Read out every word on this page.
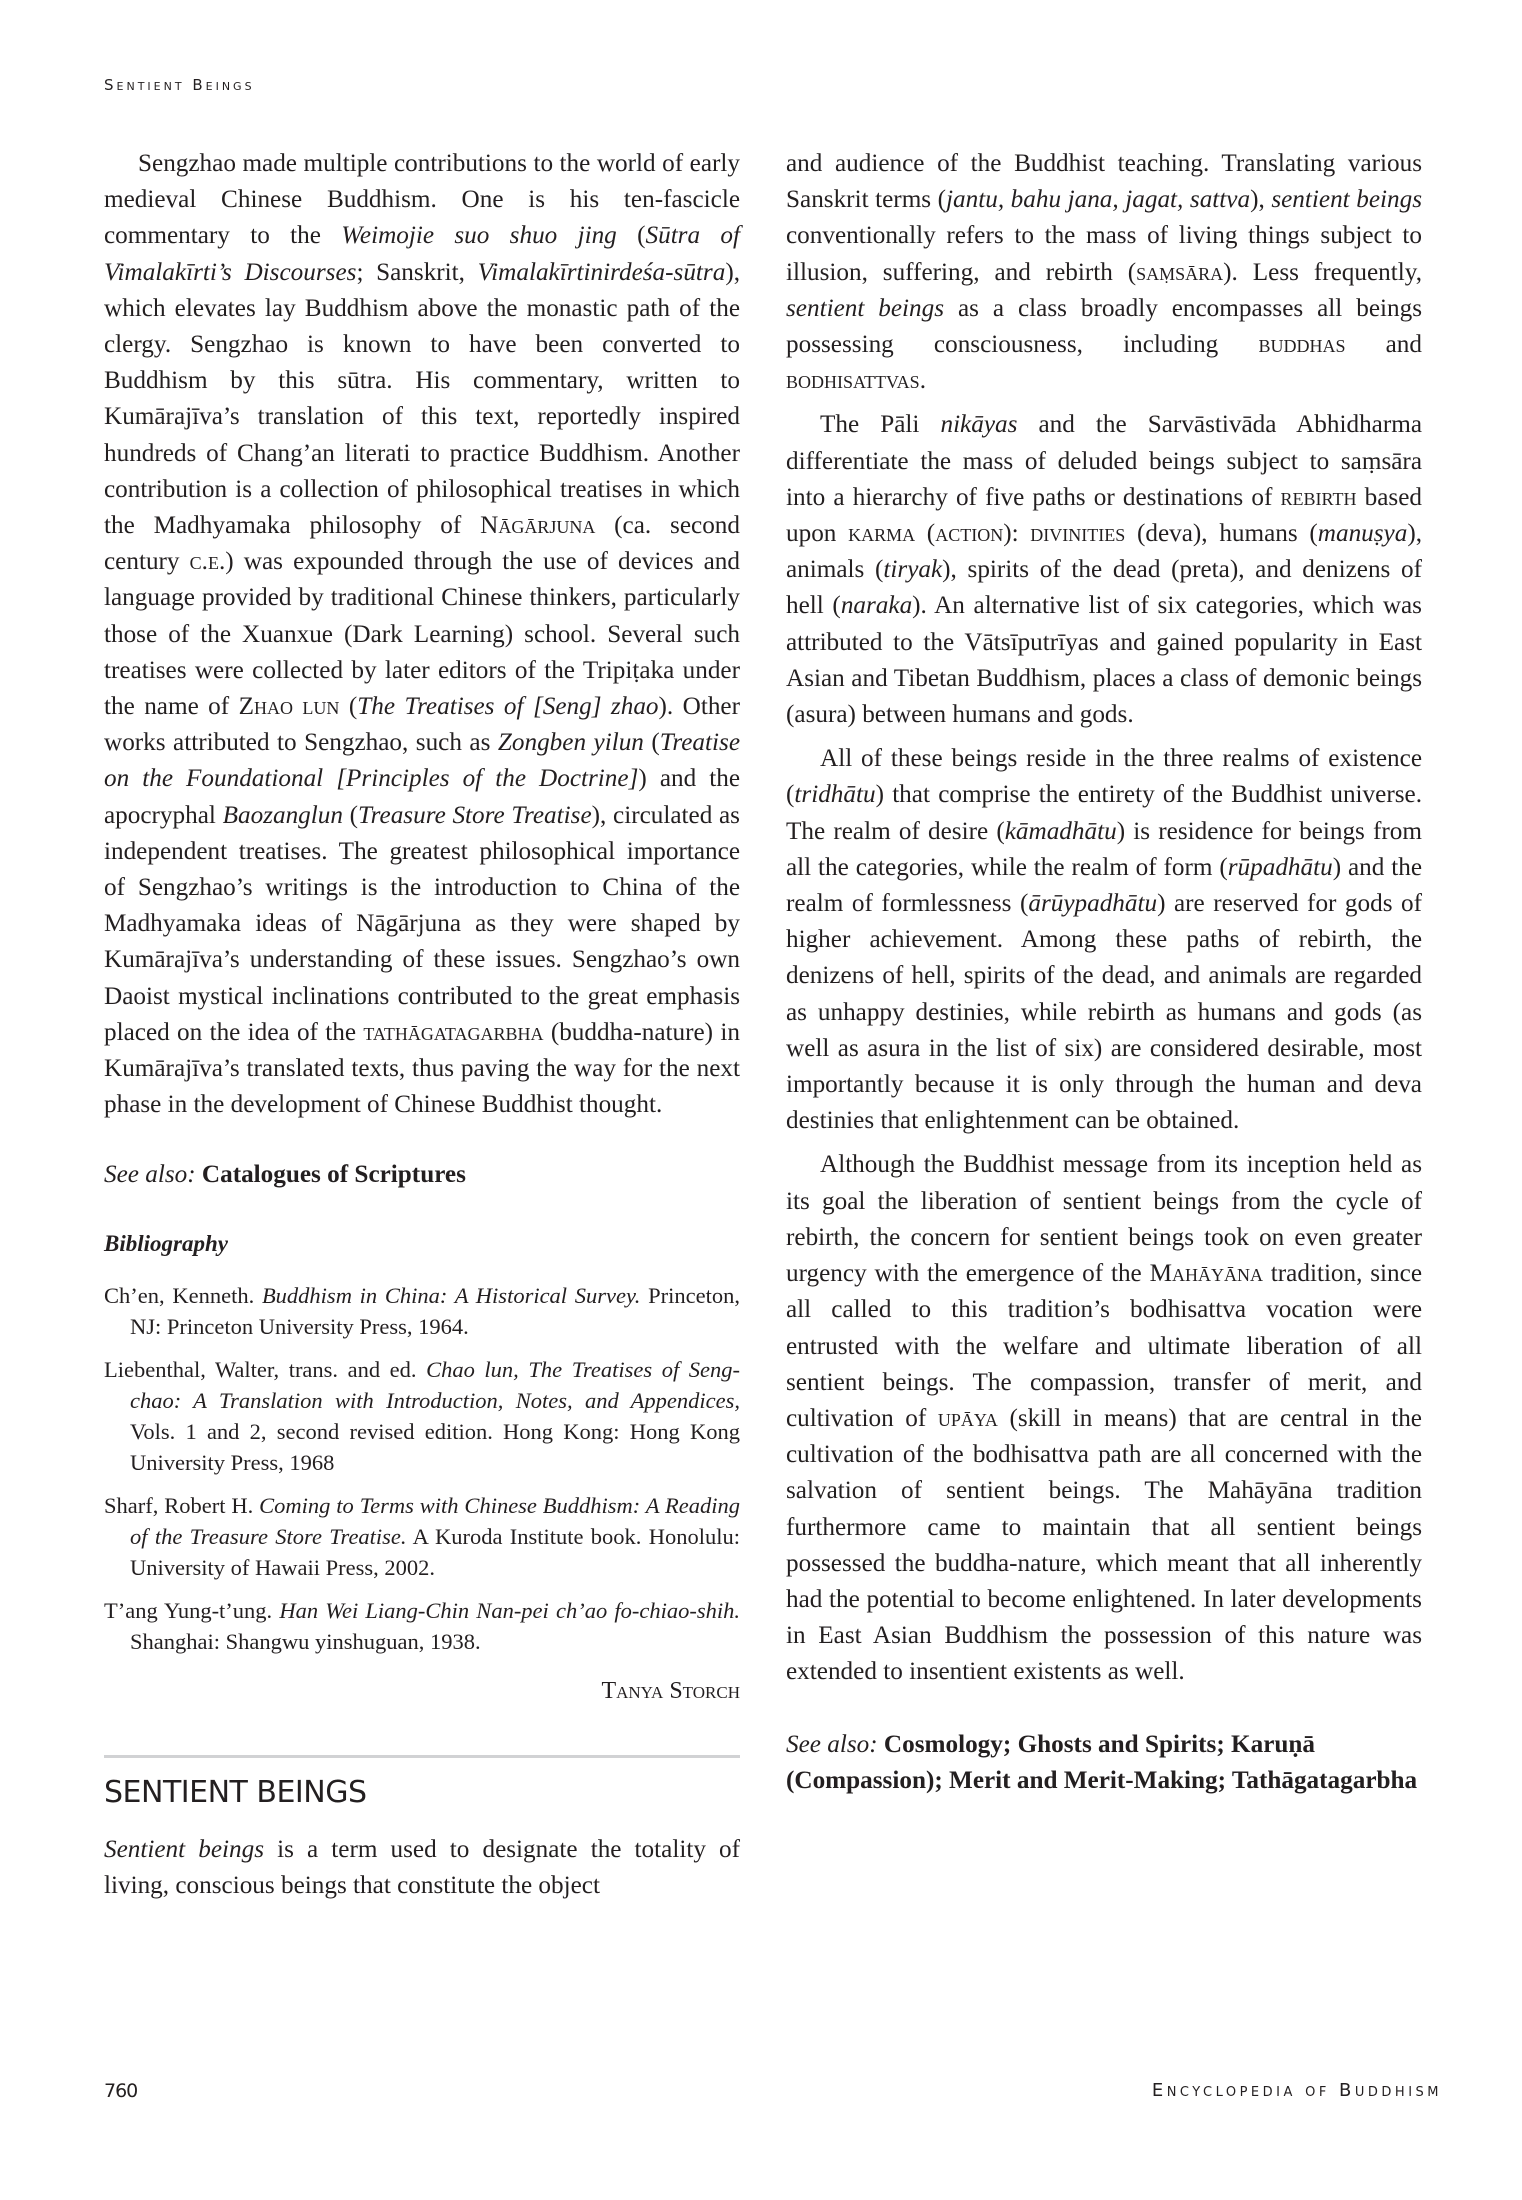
Sentient Beings

Sengzhao made multiple contributions to the world of early medieval Chinese Buddhism. One is his ten-fascicle commentary to the Weimojie suo shuo jing (Sūtra of Vimalakīrti’s Discourses; Sanskrit, Vimalakīrtinirdeśa-sūtra), which elevates lay Buddhism above the monastic path of the clergy. Sengzhao is known to have been converted to Buddhism by this sūtra. His commentary, written to Kumārajīva’s translation of this text, reportedly inspired hundreds of Chang’an literati to practice Buddhism. Another contribution is a collection of philosophical treatises in which the Madhyamaka philosophy of Nāgārjuna (ca. second century c.e.) was expounded through the use of devices and language provided by traditional Chinese thinkers, particularly those of the Xuanxue (Dark Learning) school. Several such treatises were collected by later editors of the Tripiṭaka under the name of Zhao lun (The Treatises of [Seng] zhao). Other works attributed to Sengzhao, such as Zongben yilun (Treatise on the Foundational [Principles of the Doctrine]) and the apocryphal Baozanglun (Treasure Store Treatise), circulated as independent treatises. The greatest philosophical importance of Sengzhao’s writings is the introduction to China of the Madhyamaka ideas of Nāgārjuna as they were shaped by Kumārajīva’s understanding of these issues. Sengzhao’s own Daoist mystical inclinations contributed to the great emphasis placed on the idea of the tathāgatagarbha (buddha-nature) in Kumārajīva’s translated texts, thus paving the way for the next phase in the development of Chinese Buddhist thought.

See also: Catalogues of Scriptures

Bibliography

Ch’en, Kenneth. Buddhism in China: A Historical Survey. Princeton, NJ: Princeton University Press, 1964.

Liebenthal, Walter, trans. and ed. Chao lun, The Treatises of Seng-chao: A Translation with Introduction, Notes, and Appendices, Vols. 1 and 2, second revised edition. Hong Kong: Hong Kong University Press, 1968

Sharf, Robert H. Coming to Terms with Chinese Buddhism: A Reading of the Treasure Store Treatise. A Kuroda Institute book. Honolulu: University of Hawaii Press, 2002.

T’ang Yung-t’ung. Han Wei Liang-Chin Nan-pei ch’ao fo-chiao-shih. Shanghai: Shangwu yinshuguan, 1938.

Tanya Storch

SENTIENT BEINGS

Sentient beings is a term used to designate the totality of living, conscious beings that constitute the object

and audience of the Buddhist teaching. Translating various Sanskrit terms (jantu, bahu jana, jagat, sattva), sentient beings conventionally refers to the mass of living things subject to illusion, suffering, and rebirth (saṃsāra). Less frequently, sentient beings as a class broadly encompasses all beings possessing consciousness, including buddhas and bodhisattvas.

The Pāli nikāyas and the Sarvāstivāda Abhidharma differentiate the mass of deluded beings subject to saṃsāra into a hierarchy of five paths or destinations of rebirth based upon karma (action): divinities (deva), humans (manuṣya), animals (tiryak), spirits of the dead (preta), and denizens of hell (naraka). An alternative list of six categories, which was attributed to the Vātsīputrīyas and gained popularity in East Asian and Tibetan Buddhism, places a class of demonic beings (asura) between humans and gods.

All of these beings reside in the three realms of existence (tridhātu) that comprise the entirety of the Buddhist universe. The realm of desire (kāmadhātu) is residence for beings from all the categories, while the realm of form (rūpadhātu) and the realm of formlessness (ārūypadhātu) are reserved for gods of higher achievement. Among these paths of rebirth, the denizens of hell, spirits of the dead, and animals are regarded as unhappy destinies, while rebirth as humans and gods (as well as asura in the list of six) are considered desirable, most importantly because it is only through the human and deva destinies that enlightenment can be obtained.

Although the Buddhist message from its inception held as its goal the liberation of sentient beings from the cycle of rebirth, the concern for sentient beings took on even greater urgency with the emergence of the Mahāyāna tradition, since all called to this tradition’s bodhisattva vocation were entrusted with the welfare and ultimate liberation of all sentient beings. The compassion, transfer of merit, and cultivation of upāya (skill in means) that are central in the cultivation of the bodhisattva path are all concerned with the salvation of sentient beings. The Mahāyāna tradition furthermore came to maintain that all sentient beings possessed the buddha-nature, which meant that all inherently had the potential to become enlightened. In later developments in East Asian Buddhism the possession of this nature was extended to insentient existents as well.

See also: Cosmology; Ghosts and Spirits; Karuṇā (Compassion); Merit and Merit-Making; Tathāgatagarbha

760	Encyclopedia of Buddhism
